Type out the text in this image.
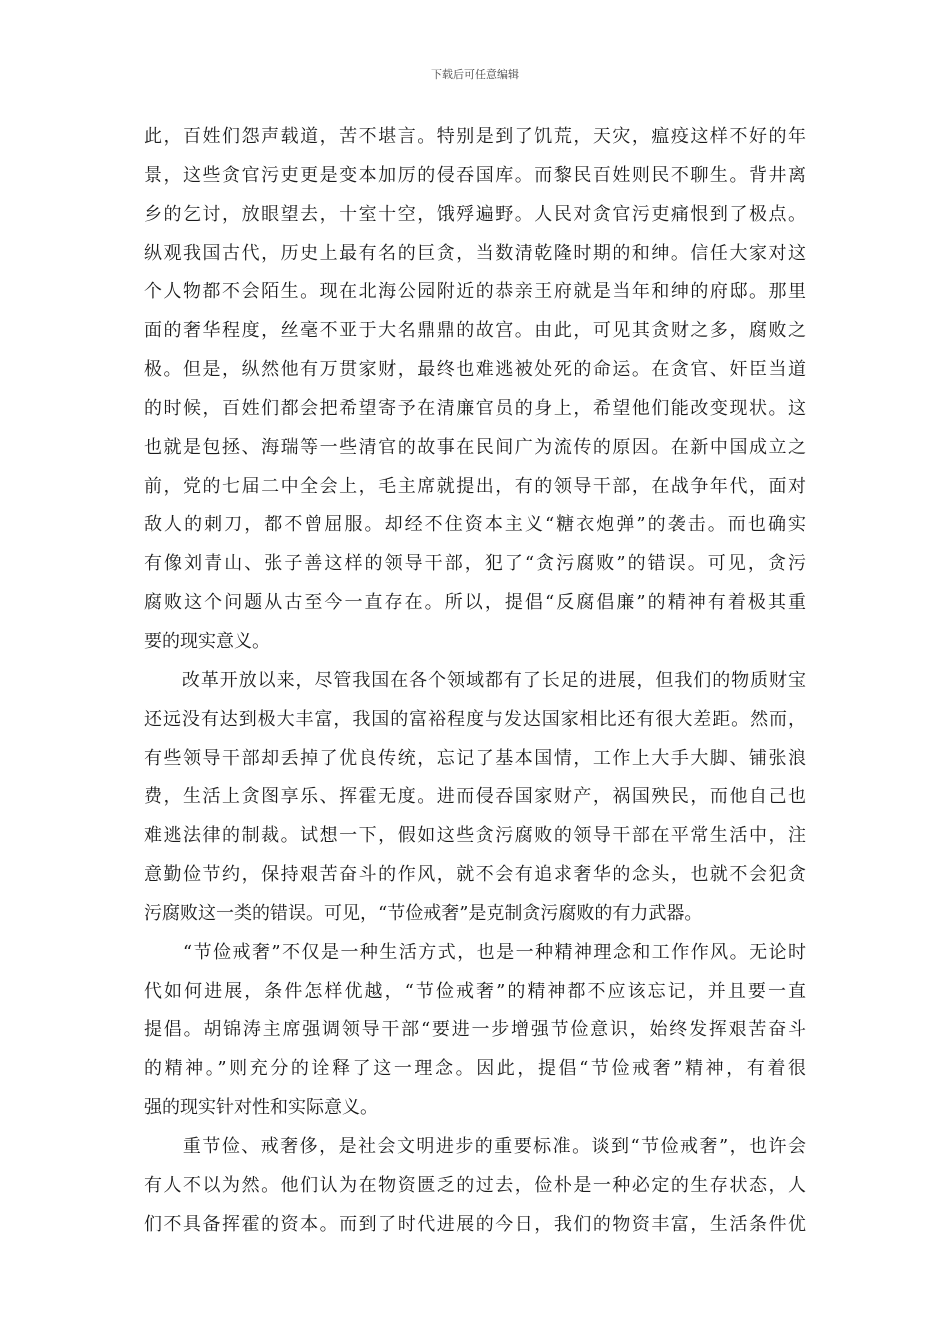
下载后可任意编辑
此，百姓们怨声载道，苦不堪言。特别是到了饥荒，天灾，瘟疫这样不好的年
景，这些贪官污吏更是变本加厉的侵吞国库。而黎民百姓则民不聊生。背井离
乡的乞讨，放眼望去，十室十空，饿殍遍野。人民对贪官污吏痛恨到了极点。
纵观我国古代，历史上最有名的巨贪，当数清乾隆时期的和绅。信任大家对这
个人物都不会陌生。现在北海公园附近的恭亲王府就是当年和绅的府邸。那里
面的奢华程度，丝毫不亚于大名鼎鼎的故宫。由此，可见其贪财之多，腐败之
极。但是，纵然他有万贯家财，最终也难逃被处死的命运。在贪官、奸臣当道
的时候，百姓们都会把希望寄予在清廉官员的身上，希望他们能改变现状。这
也就是包拯、海瑞等一些清官的故事在民间广为流传的原因。在新中国成立之
前，党的七届二中全会上，毛主席就提出，有的领导干部，在战争年代，面对
敌人的刺刀，都不曾屈服。却经不住资本主义“糖衣炮弹”的袭击。而也确实
有像刘青山、张子善这样的领导干部，犯了“贪污腐败”的错误。可见，贪污
腐败这个问题从古至今一直存在。所以，提倡“反腐倡廉”的精神有着极其重
要的现实意义。
　　改革开放以来，尽管我国在各个领域都有了长足的进展，但我们的物质财宝
还远没有达到极大丰富，我国的富裕程度与发达国家相比还有很大差距。然而，
有些领导干部却丢掉了优良传统，忘记了基本国情，工作上大手大脚、铺张浪
费，生活上贪图享乐、挥霍无度。进而侵吞国家财产，祸国殃民，而他自己也
难逃法律的制裁。试想一下，假如这些贪污腐败的领导干部在平常生活中，注
意勤俭节约，保持艰苦奋斗的作风，就不会有追求奢华的念头，也就不会犯贪
污腐败这一类的错误。可见，“节俭戒奢”是克制贪污腐败的有力武器。
　　“节俭戒奢”不仅是一种生活方式，也是一种精神理念和工作作风。无论时
代如何进展，条件怎样优越，“节俭戒奢”的精神都不应该忘记，并且要一直
提倡。胡锦涛主席强调领导干部“要进一步增强节俭意识，始终发挥艰苦奋斗
的精神。”则充分的诠释了这一理念。因此，提倡“节俭戒奢”精神，有着很
强的现实针对性和实际意义。
　　重节俭、戒奢侈，是社会文明进步的重要标准。谈到“节俭戒奢”，也许会
有人不以为然。他们认为在物资匮乏的过去，俭朴是一种必定的生存状态，人
们不具备挥霍的资本。而到了时代进展的今日，我们的物资丰富，生活条件优
